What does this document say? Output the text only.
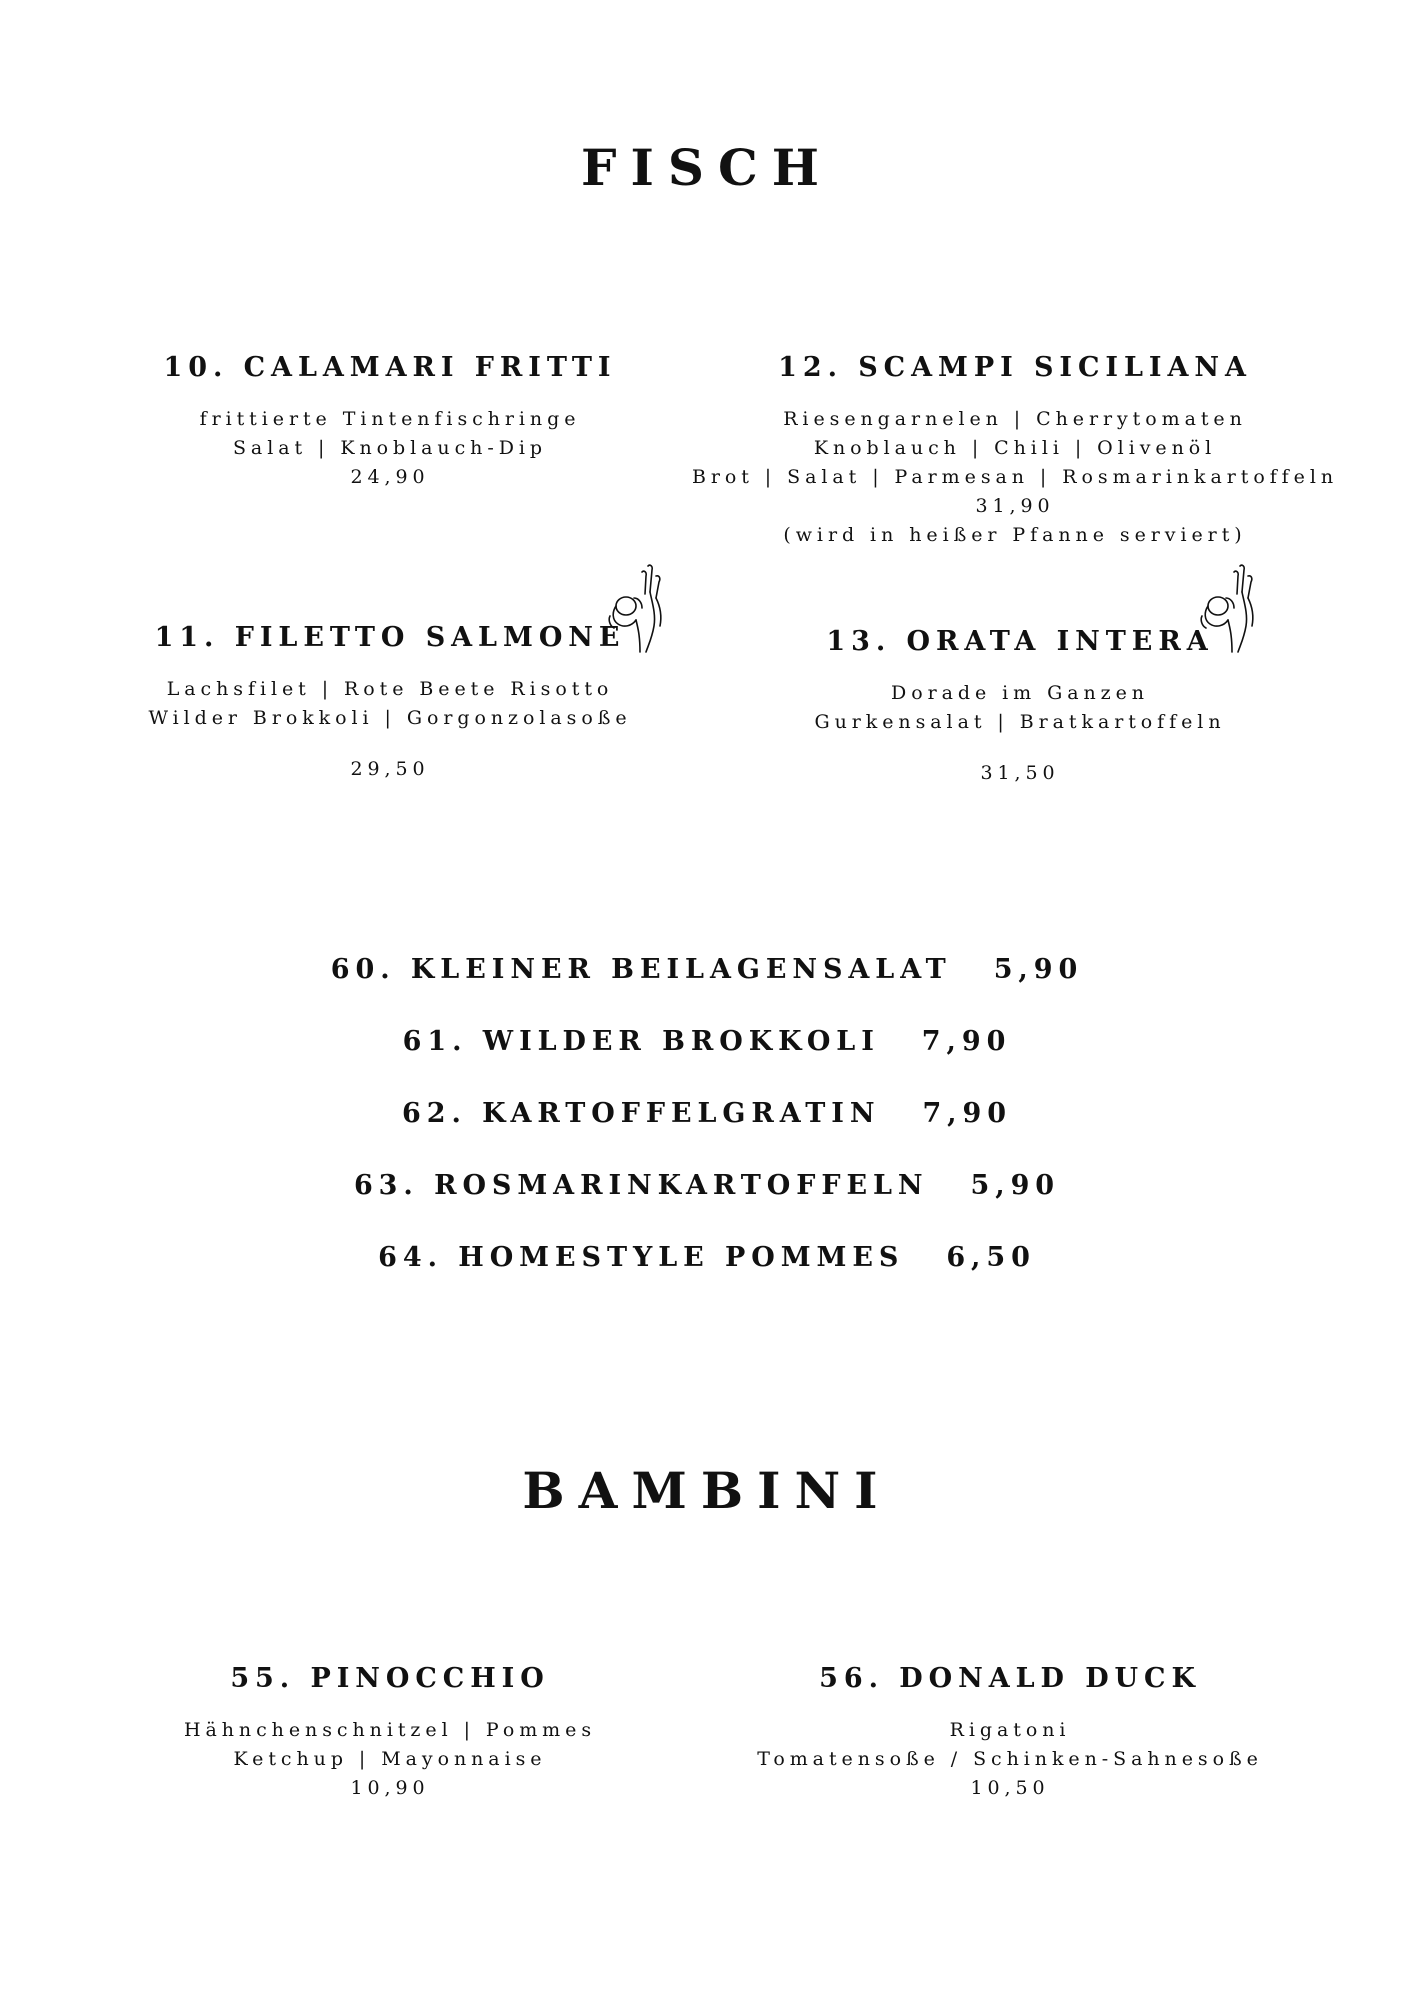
FISCH
10. CALAMARI FRITTI
frittierte Tintenfischringe
Salat | Knoblauch-Dip
24,90
12. SCAMPI SICILIANA
Riesengarnelen | Cherrytomaten
Knoblauch | Chili | Olivenöl
Brot | Salat | Parmesan | Rosmarinkartoffeln
31,90
(wird in heißer Pfanne serviert)
11. FILETTO SALMONE
Lachsfilet | Rote Beete Risotto
Wilder Brokkoli | Gorgonzolasoße
29,50
13. ORATA INTERA
Dorade im Ganzen
Gurkensalat | Bratkartoffeln
31,50
60. KLEINER BEILAGENSALAT 5,90
61. WILDER BROKKOLI 7,90
62. KARTOFFELGRATIN 7,90
63. ROSMARINKARTOFFELN 5,90
64. HOMESTYLE POMMES 6,50
BAMBINI
55. PINOCCHIO
Hähnchenschnitzel | Pommes
Ketchup | Mayonnaise
10,90
56. DONALD DUCK
Rigatoni
Tomatensoße / Schinken-Sahnesoße
10,50
